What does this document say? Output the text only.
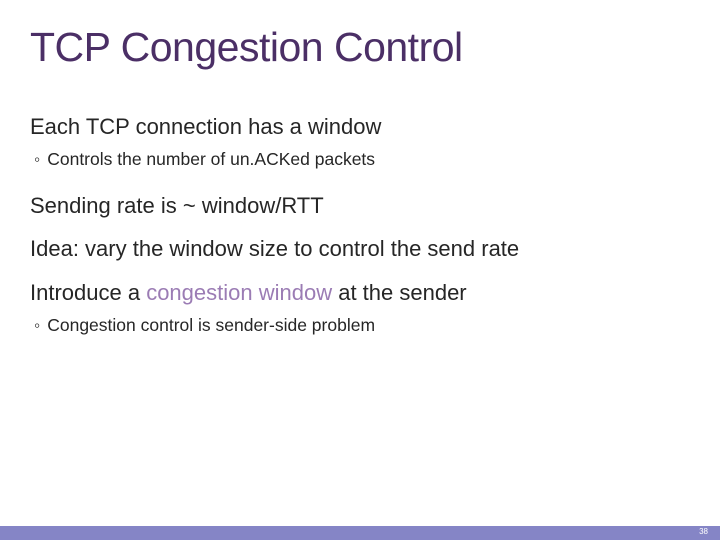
TCP Congestion Control
Each TCP connection has a window
◦ Controls the number of un.ACKed packets
Sending rate is ~ window/RTT
Idea: vary the window size to control the send rate
Introduce a congestion window at the sender
◦ Congestion control is sender-side problem
38
